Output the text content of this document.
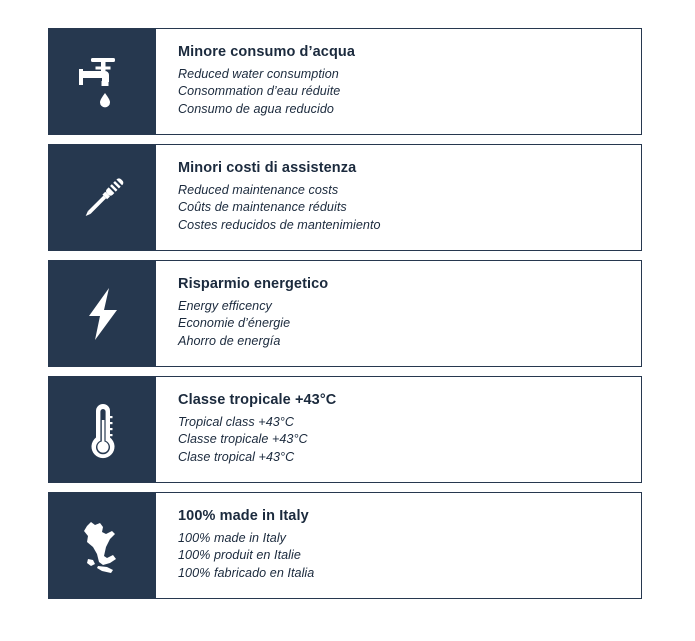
Minore consumo d’acqua
Reduced water consumption
Consommation d’eau réduite
Consumo de agua reducido
Minori costi di assistenza
Reduced maintenance costs
Coûts de maintenance réduits
Costes reducidos de mantenimiento
Risparmio energetico
Energy efficency
Economie d’énergie
Ahorro de energía
Classe tropicale +43°C
Tropical class +43°C
Classe tropicale +43°C
Clase tropical +43°C
100% made in Italy
100% made in Italy
100% produit en Italie
100% fabricado en Italia
